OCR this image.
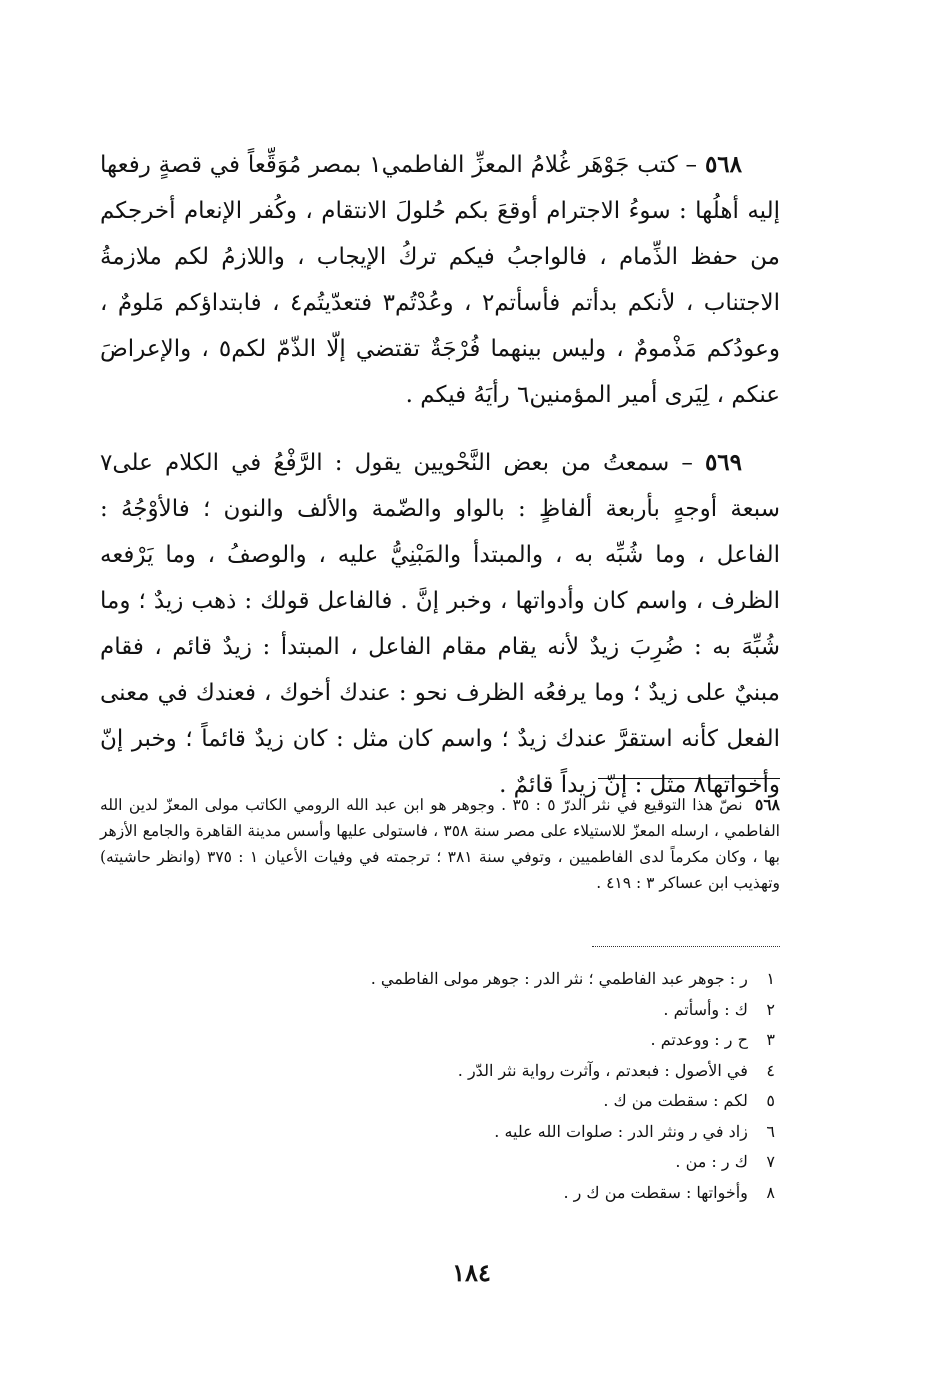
٥٦٨ – كتب جَوْهَر غُلامُ المعزِّ الفاطمي١ بمصر مُوَقِّعاً في قصةٍ رفعها إليه أهلُها : سوءُ الاجترام أوقعَ بكم حُلولَ الانتقام ، وكُفر الإنعام أخرجكم من حفظ الذِّمام ، فالواجبُ فيكم تركُ الإيجاب ، واللازمُ لكم ملازمةُ الاجتناب ، لأنكم بدأتم فأسأتم٢ ، وعُدْتُم٣ فتعدّيتُم٤ ، فابتداؤكم مَلومٌ ، وعودُكم مَذْمومٌ ، وليس بينهما فُرْجَةٌ تقتضي إلّا الذّمّ لكم٥ ، والإعراضَ عنكم ، لِيَرى أمير المؤمنين٦ رأيَهُ فيكم .

٥٦٩ – سمعتُ من بعض النَّحْويين يقول : الرَّفْعُ في الكلام على٧ سبعة أوجهٍ بأربعة ألفاظٍ : بالواو والضّمة والألف والنون ؛ فالأوْجُهُ : الفاعل ، وما شُبِّه به ، والمبتدأ والمَبْنِيُّ عليه ، والوصفُ ، وما يَرْفعه الظرف ، واسم كان وأدواتها ، وخبر إنَّ . فالفاعل قولك : ذهب زيدٌ ؛ وما شُبِّهَ به : ضُرِبَ زيدٌ لأنه يقام مقام الفاعل ، المبتدأ : زيدٌ قائم ، فقام مبنيٌ على زيدٌ ؛ وما يرفعُه الظرف نحو : عندك أخوك ، فعندك في معنى الفعل كأنه استقرَّ عندك زيدٌ ؛ واسم كان مثل : كان زيدٌ قائماً ؛ وخبر إنّ وأخواتها٨ مثل : إنّ زيداً قائمٌ .

٥٦٨ نصّ هذا التوقيع في نثر الدرّ ٥ : ٣٥ . وجوهر هو ابن عبد الله الرومي الكاتب مولى المعزّ لدين الله الفاطمي ، ارسله المعزّ للاستيلاء على مصر سنة ٣٥٨ ، فاستولى عليها وأسس مدينة القاهرة والجامع الأزهر بها ، وكان مكرماً لدى الفاطميين ، وتوفي سنة ٣٨١ ؛ ترجمته في وفيات الأعيان ١ : ٣٧٥ (وانظر حاشيته) وتهذيب ابن عساكر ٣ : ٤١٩ .
١

ر : جوهر عبد الفاطمي ؛ نثر الدر : جوهر مولى الفاطمي .
٢

ك : وأسأتم .
٣

ح ر : ووعدتم .
٤

في الأصول : فبعدتم ، وآثرت رواية نثر الدّر .
٥

لكم : سقطت من ك .
٦

زاد في ر ونثر الدر : صلوات الله عليه .
٧

ك ر : من .
٨

وأخواتها : سقطت من ك ر .
١٨٤
